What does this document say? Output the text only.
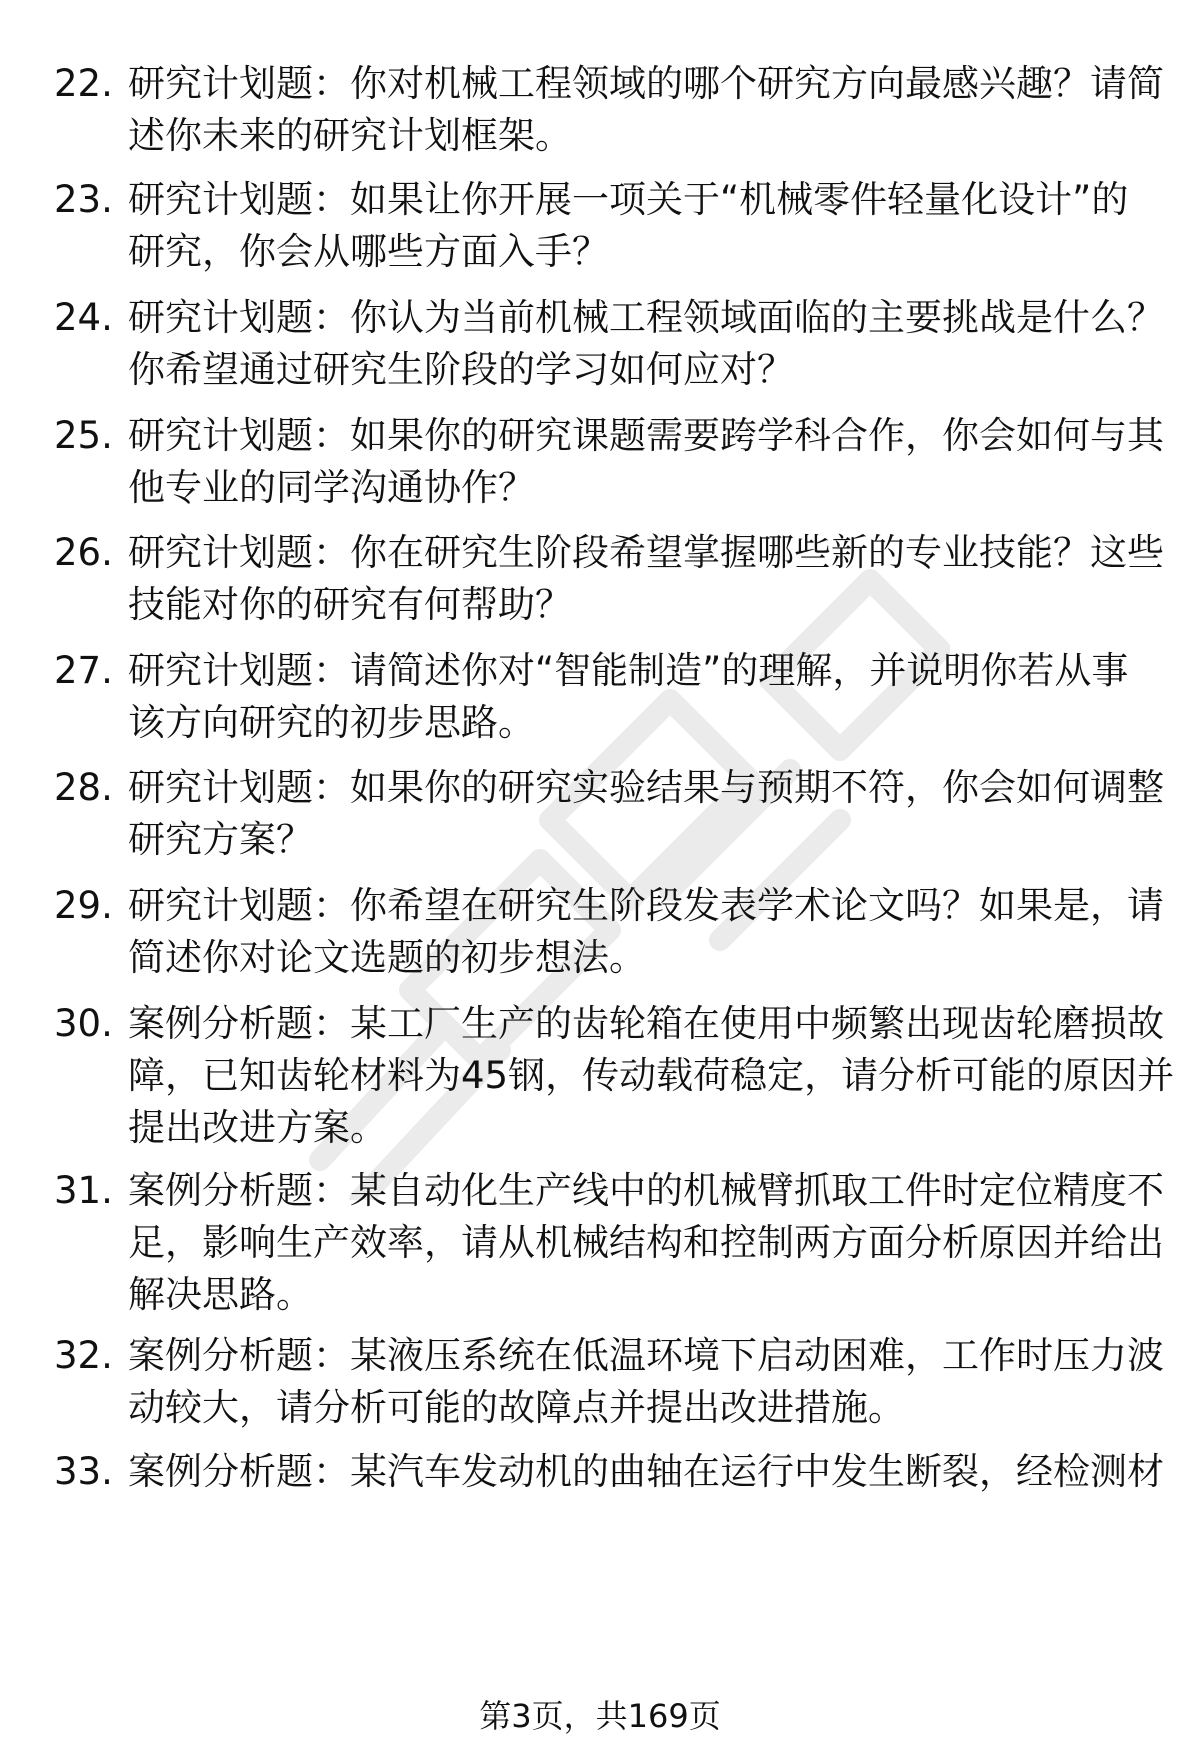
22. 研究计划题：你对机械工程领域的哪个研究方向最感兴趣？请简
述你未来的研究计划框架。
23. 研究计划题：如果让你开展一项关于“机械零件轻量化设计”的
研究，你会从哪些方面入手？
24. 研究计划题：你认为当前机械工程领域面临的主要挑战是什么？
你希望通过研究生阶段的学习如何应对？
25. 研究计划题：如果你的研究课题需要跨学科合作，你会如何与其
他专业的同学沟通协作？
26. 研究计划题：你在研究生阶段希望掌握哪些新的专业技能？这些
技能对你的研究有何帮助？
27. 研究计划题：请简述你对“智能制造”的理解，并说明你若从事
该方向研究的初步思路。
28. 研究计划题：如果你的研究实验结果与预期不符，你会如何调整
研究方案？
29. 研究计划题：你希望在研究生阶段发表学术论文吗？如果是，请
简述你对论文选题的初步想法。
30. 案例分析题：某工厂生产的齿轮箱在使用中频繁出现齿轮磨损故
障，已知齿轮材料为45钢，传动载荷稳定，请分析可能的原因并
提出改进方案。
31. 案例分析题：某自动化生产线中的机械臂抓取工件时定位精度不
足，影响生产效率，请从机械结构和控制两方面分析原因并给出
解决思路。
32. 案例分析题：某液压系统在低温环境下启动困难，工作时压力波
动较大，请分析可能的故障点并提出改进措施。
33. 案例分析题：某汽车发动机的曲轴在运行中发生断裂，经检测材
第3页，共169页
